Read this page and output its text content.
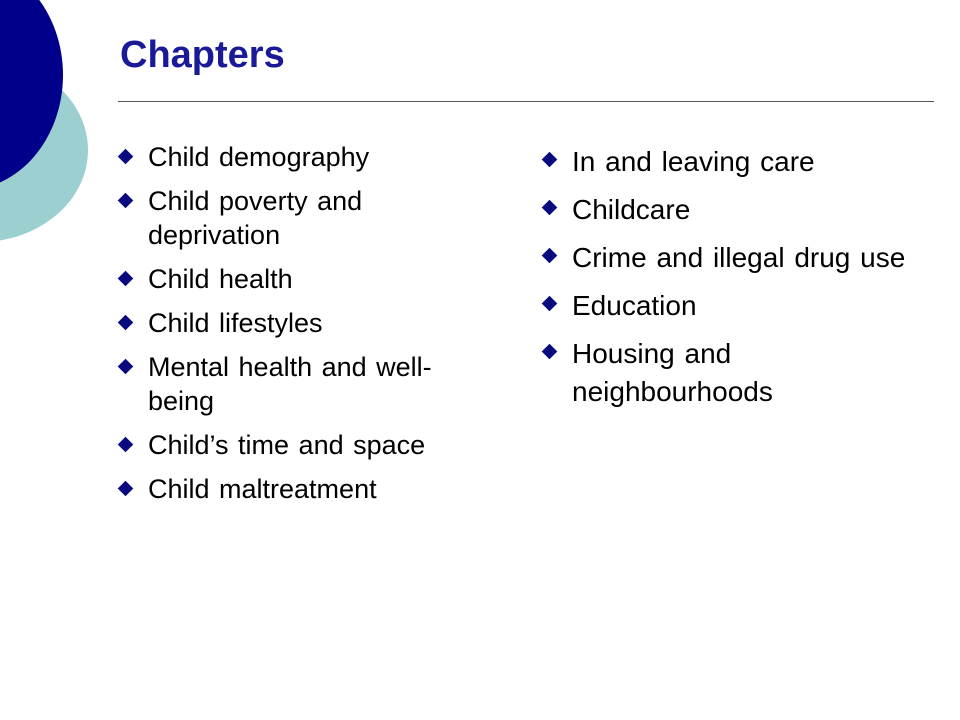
Chapters
Child demography
Child poverty and deprivation
Child health
Child lifestyles
Mental health and well-being
Child’s time and space
Child maltreatment
In and leaving care
Childcare
Crime and illegal drug use
Education
Housing and neighbourhoods
